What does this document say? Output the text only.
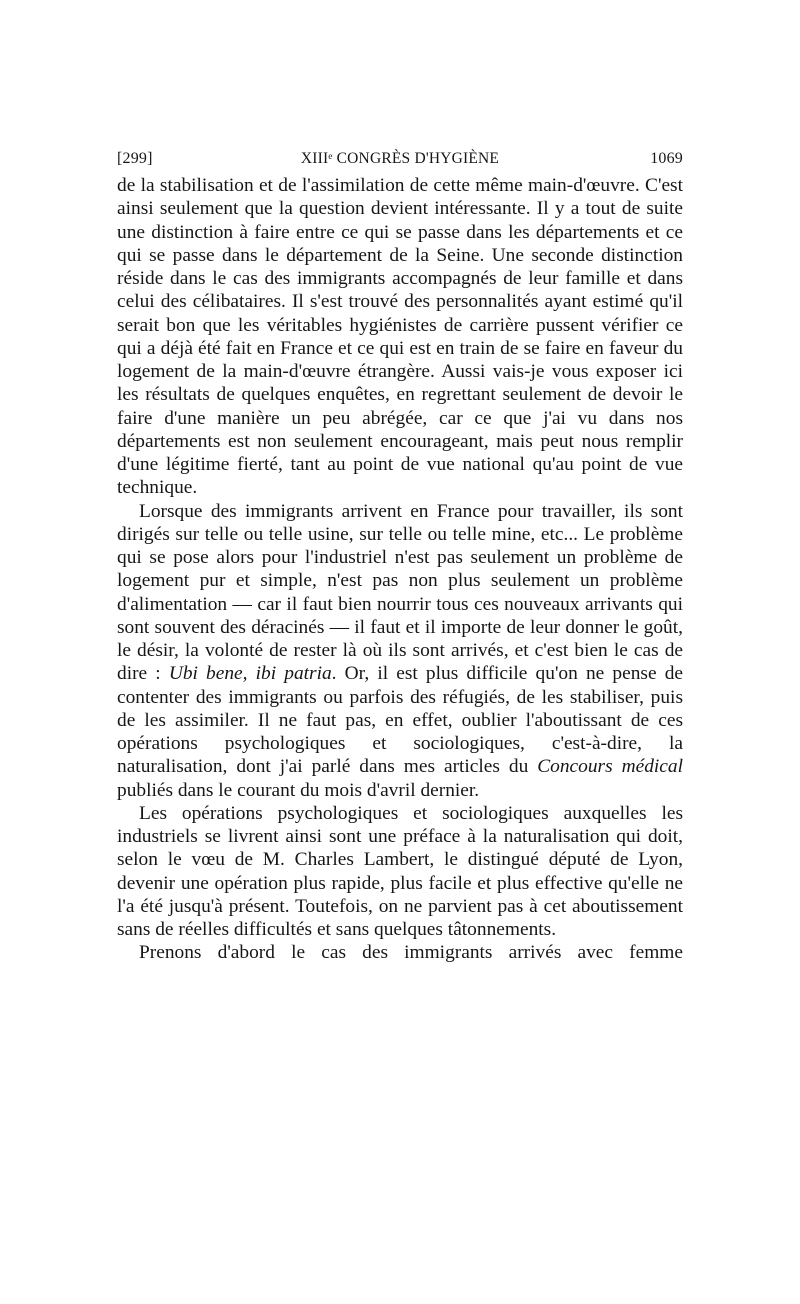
[299]	XIIIᵉ CONGRÈS D'HYGIÈNE	1069

de la stabilisation et de l'assimilation de cette même main-d'œuvre. C'est ainsi seulement que la question devient intéressante. Il y a tout de suite une distinction à faire entre ce qui se passe dans les départements et ce qui se passe dans le département de la Seine. Une seconde distinction réside dans le cas des immigrants accompagnés de leur famille et dans celui des célibataires. Il s'est trouvé des personnalités ayant estimé qu'il serait bon que les véritables hygiénistes de carrière pussent vérifier ce qui a déjà été fait en France et ce qui est en train de se faire en faveur du logement de la main-d'œuvre étrangère. Aussi vais-je vous exposer ici les résultats de quelques enquêtes, en regrettant seulement de devoir le faire d'une manière un peu abrégée, car ce que j'ai vu dans nos départements est non seulement encourageant, mais peut nous remplir d'une légitime fierté, tant au point de vue national qu'au point de vue technique.

Lorsque des immigrants arrivent en France pour travailler, ils sont dirigés sur telle ou telle usine, sur telle ou telle mine, etc... Le problème qui se pose alors pour l'industriel n'est pas seulement un problème de logement pur et simple, n'est pas non plus seulement un problème d'alimentation — car il faut bien nourrir tous ces nouveaux arrivants qui sont souvent des déracinés — il faut et il importe de leur donner le goût, le désir, la volonté de rester là où ils sont arrivés, et c'est bien le cas de dire : Ubi bene, ibi patria. Or, il est plus difficile qu'on ne pense de contenter des immigrants ou parfois des réfugiés, de les stabiliser, puis de les assimiler. Il ne faut pas, en effet, oublier l'aboutissant de ces opérations psychologiques et sociologiques, c'est-à-dire, la naturalisation, dont j'ai parlé dans mes articles du Concours médical publiés dans le courant du mois d'avril dernier.

Les opérations psychologiques et sociologiques auxquelles les industriels se livrent ainsi sont une préface à la naturalisation qui doit, selon le vœu de M. Charles Lambert, le distingué député de Lyon, devenir une opération plus rapide, plus facile et plus effective qu'elle ne l'a été jusqu'à présent. Toutefois, on ne parvient pas à cet aboutissement sans de réelles difficultés et sans quelques tâtonnements.

Prenons d'abord le cas des immigrants arrivés avec femme
